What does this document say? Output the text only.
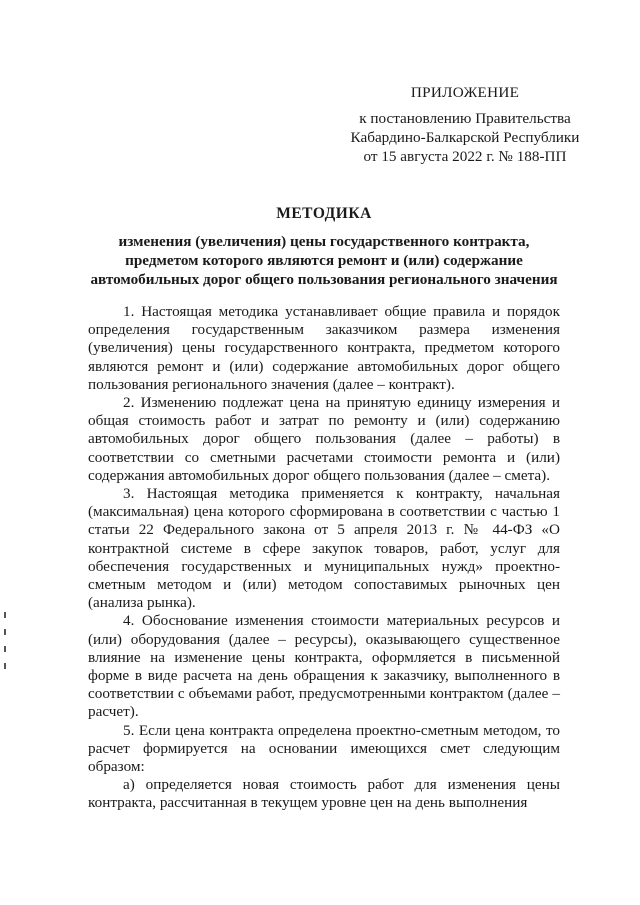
ПРИЛОЖЕНИЕ
к постановлению Правительства
Кабардино-Балкарской Республики
от 15 августа 2022 г. № 188-ПП
МЕТОДИКА
изменения (увеличения) цены государственного контракта, предметом которого являются ремонт и (или) содержание автомобильных дорог общего пользования регионального значения

1. Настоящая методика устанавливает общие правила и порядок определения государственным заказчиком размера изменения (увеличения) цены государственного контракта, предметом которого являются ремонт и (или) содержание автомобильных дорог общего пользования регионального значения (далее – контракт).

2. Изменению подлежат цена на принятую единицу измерения и общая стоимость работ и затрат по ремонту и (или) содержанию автомобильных дорог общего пользования (далее – работы) в соответствии со сметными расчетами стоимости ремонта и (или) содержания автомобильных дорог общего пользования (далее – смета).

3. Настоящая методика применяется к контракту, начальная (максимальная) цена которого сформирована в соответствии с частью 1 статьи 22 Федерального закона от 5 апреля 2013 г. № 44-ФЗ «О контрактной системе в сфере закупок товаров, работ, услуг для обеспечения государственных и муниципальных нужд» проектно-сметным методом и (или) методом сопоставимых рыночных цен (анализа рынка).

4. Обоснование изменения стоимости материальных ресурсов и (или) оборудования (далее – ресурсы), оказывающего существенное влияние на изменение цены контракта, оформляется в письменной форме в виде расчета на день обращения к заказчику, выполненного в соответствии с объемами работ, предусмотренными контрактом (далее – расчет).

5. Если цена контракта определена проектно-сметным методом, то расчет формируется на основании имеющихся смет следующим образом:

а) определяется новая стоимость работ для изменения цены контракта, рассчитанная в текущем уровне цен на день выполнения
